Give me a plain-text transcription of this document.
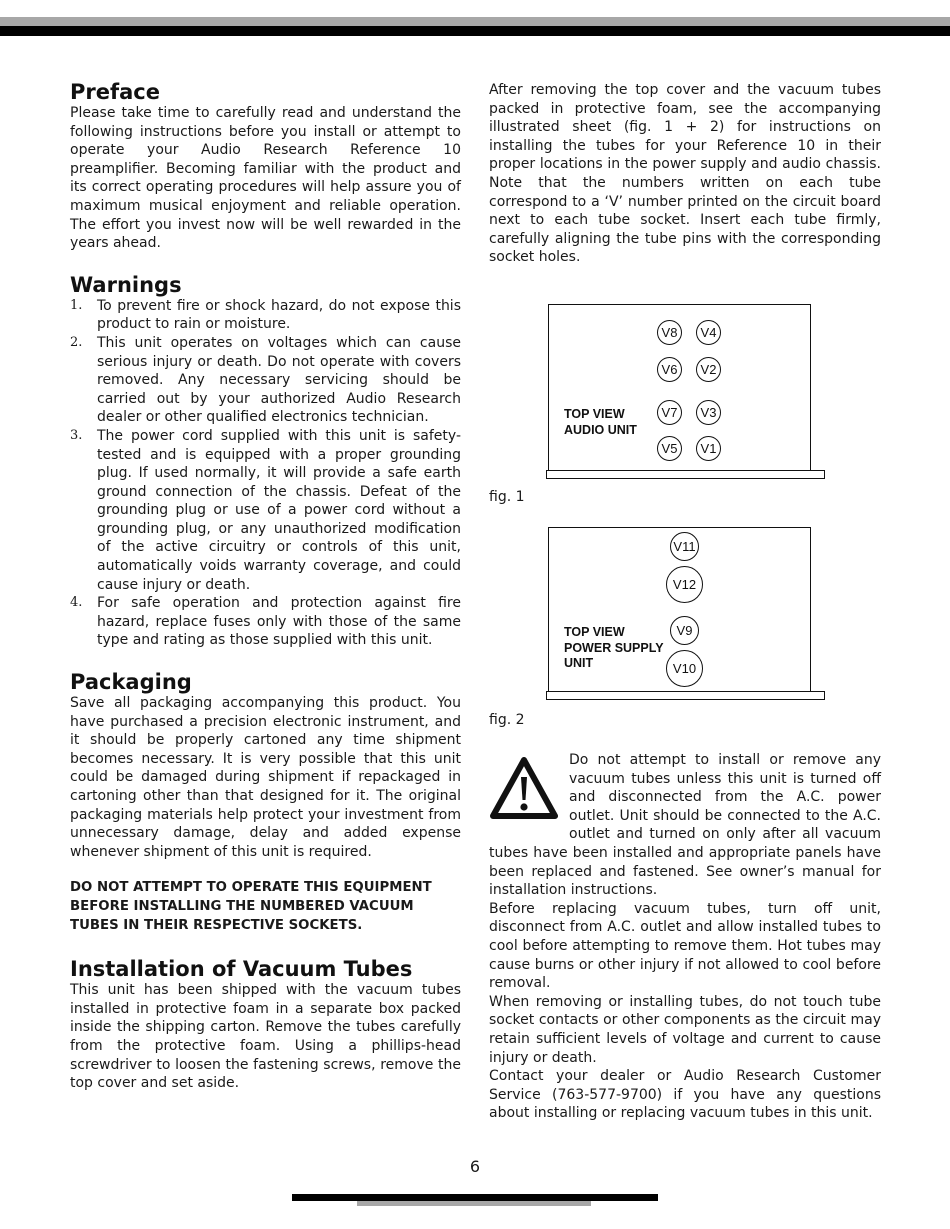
Preface

Please take time to carefully read and understand the following instructions before you install or attempt to operate your Audio Research Reference 10 preamplifier. Becoming familiar with the product and its correct operating procedures will help assure you of maximum musical enjoyment and reliable operation. The effort you invest now will be well rewarded in the years ahead.

Warnings
1. To prevent fire or shock hazard, do not expose this product to rain or moisture.
2. This unit operates on voltages which can cause serious injury or death. Do not operate with covers removed. Any necessary servicing should be carried out by your authorized Audio Research dealer or other qualified electronics technician.
3. The power cord supplied with this unit is safety-tested and is equipped with a proper grounding plug. If used normally, it will provide a safe earth ground connection of the chassis. Defeat of the grounding plug or use of a power cord without a grounding plug, or any unauthorized modification of the active circuitry or controls of this unit, automatically voids warranty coverage, and could cause injury or death.
4. For safe operation and protection against fire hazard, replace fuses only with those of the same type and rating as those supplied with this unit.
Packaging

Save all packaging accompanying this product. You have purchased a precision electronic instrument, and it should be properly cartoned any time shipment becomes necessary. It is very possible that this unit could be damaged during shipment if repackaged in cartoning other than that designed for it. The original packaging materials help protect your investment from unnecessary damage, delay and added expense whenever shipment of this unit is required.

DO NOT ATTEMPT TO OPERATE THIS EQUIPMENT BEFORE INSTALLING THE NUMBERED VACUUM TUBES IN THEIR RESPECTIVE SOCKETS.
Installation of Vacuum Tubes

This unit has been shipped with the vacuum tubes installed in protective foam in a separate box packed inside the shipping carton. Remove the tubes carefully from the protective foam. Using a phillips-head screwdriver to loosen the fastening screws, remove the top cover and set aside.

After removing the top cover and the vacuum tubes packed in protective foam, see the accompanying illustrated sheet (fig. 1 + 2) for instructions on installing the tubes for your Reference 10 in their proper locations in the power supply and audio chassis. Note that the numbers written on each tube correspond to a ‘V’ number printed on the circuit board next to each tube socket. Insert each tube firmly, carefully aligning the tube pins with the corresponding socket holes.

TOP VIEW
AUDIO UNIT
V8	V4
V6	V2
V7	V3
V5	V1
fig. 1
TOP VIEW
POWER SUPPLY
UNIT
V11
V12
V9
V10
fig. 2

Do not attempt to install or remove any vacuum tubes unless this unit is turned off and disconnected from the A.C. power outlet. Unit should be connected to the A.C. outlet and turned on only after all vacuum tubes have been installed and appropriate panels have been replaced and fastened. See owner’s manual for installation instructions.

Before replacing vacuum tubes, turn off unit, disconnect from A.C. outlet and allow installed tubes to cool before attempting to remove them. Hot tubes may cause burns or other injury if not allowed to cool before removal.

When removing or installing tubes, do not touch tube socket contacts or other components as the circuit may retain sufficient levels of voltage and current to cause injury or death.

Contact your dealer or Audio Research Customer Service (763-577-9700) if you have any questions about installing or replacing vacuum tubes in this unit.

6
